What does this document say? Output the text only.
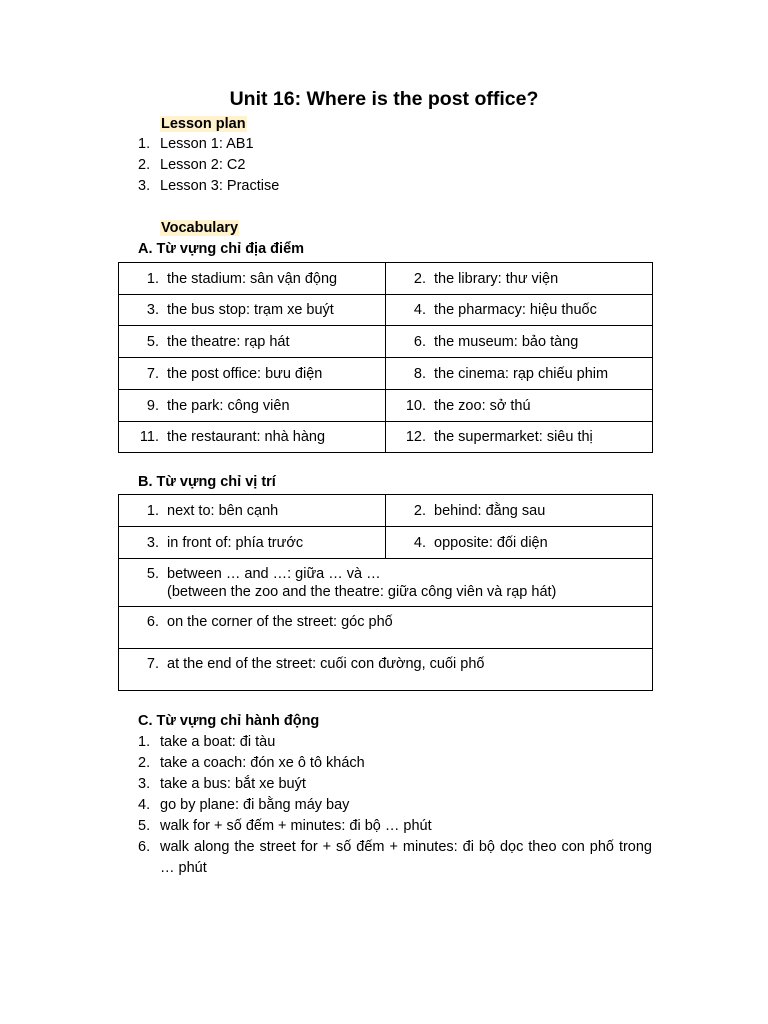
Unit 16: Where is the post office?
Lesson plan
1. Lesson 1: AB1
2. Lesson 2: C2
3. Lesson 3: Practise
Vocabulary
A. Từ vựng chỉ địa điểm
1. the stadium: sân vận động	2. the library: thư viện

3. the bus stop: trạm xe buýt	4. the pharmacy: hiệu thuốc

5. the theatre: rạp hát	6. the museum: bảo tàng

7. the post office: bưu điện	8. the cinema: rạp chiếu phim

9. the park: công viên	10. the zoo: sở thú

11. the restaurant: nhà hàng	12. the supermarket: siêu thị
B. Từ vựng chỉ vị trí
1. next to: bên cạnh	2. behind: đằng sau

3. in front of: phía trước	4. opposite: đối diện

5. between … and …: giữa … và …
(between the zoo and the theatre: giữa công viên và rạp hát)	

6. on the corner of the street: góc phố	

7. at the end of the street: cuối con đường, cuối phố	
C. Từ vựng chỉ hành động
1. take a boat: đi tàu
2. take a coach: đón xe ô tô khách
3. take a bus: bắt xe buýt
4. go by plane: đi bằng máy bay
5. walk for + số đếm + minutes: đi bộ … phút
6. walk along the street for + số đếm + minutes: đi bộ dọc theo con phố trong … phút
